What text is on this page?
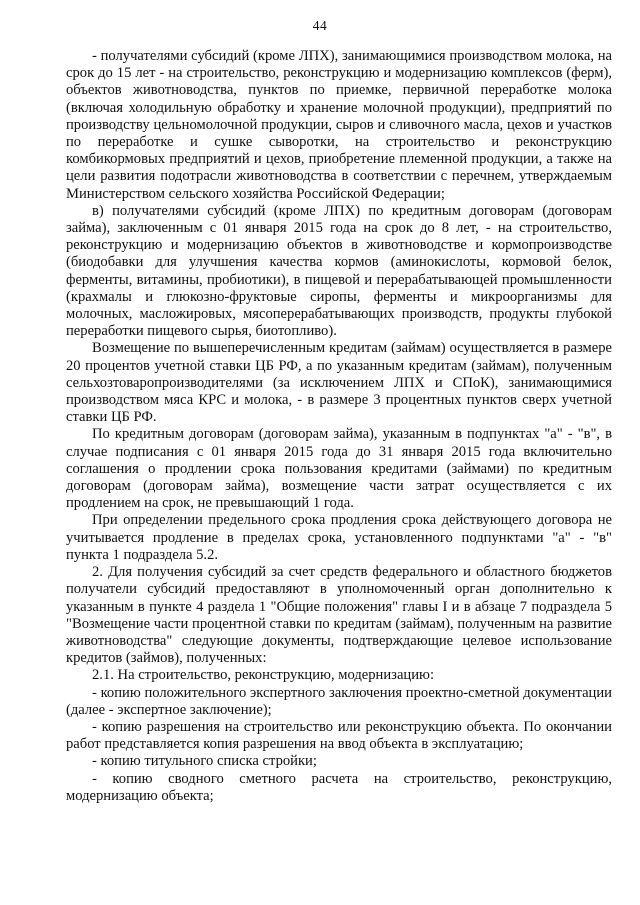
44

- получателями субсидий (кроме ЛПХ), занимающимися производством молока, на срок до 15 лет - на строительство, реконструкцию и модернизацию комплексов (ферм), объектов животноводства, пунктов по приемке, первичной переработке молока (включая холодильную обработку и хранение молочной продукции), предприятий по производству цельномолочной продукции, сыров и сливочного масла, цехов и участков по переработке и сушке сыворотки, на строительство и реконструкцию комбикормовых предприятий и цехов, приобретение племенной продукции, а также на цели развития подотрасли животноводства в соответствии с перечнем, утверждаемым Министерством сельского хозяйства Российской Федерации;

в) получателями субсидий (кроме ЛПХ) по кредитным договорам (договорам займа), заключенным с 01 января 2015 года на срок до 8 лет, - на строительство, реконструкцию и модернизацию объектов в животноводстве и кормопроизводстве (биодобавки для улучшения качества кормов (аминокислоты, кормовой белок, ферменты, витамины, пробиотики), в пищевой и перерабатывающей промышленности (крахмалы и глюкозно-фруктовые сиропы, ферменты и микроорганизмы для молочных, масложировых, мясоперерабатывающих производств, продукты глубокой переработки пищевого сырья, биотопливо).

Возмещение по вышеперечисленным кредитам (займам) осуществляется в размере 20 процентов учетной ставки ЦБ РФ, а по указанным кредитам (займам), полученным сельхозтоваропроизводителями (за исключением ЛПХ и СПоК), занимающимися производством мяса КРС и молока, - в размере 3 процентных пунктов сверх учетной ставки ЦБ РФ.

По кредитным договорам (договорам займа), указанным в подпунктах "а" - "в", в случае подписания с 01 января 2015 года до 31 января 2015 года включительно соглашения о продлении срока пользования кредитами (займами) по кредитным договорам (договорам займа), возмещение части затрат осуществляется с их продлением на срок, не превышающий 1 года.

При определении предельного срока продления срока действующего договора не учитывается продление в пределах срока, установленного подпунктами "а" - "в" пункта 1 подраздела 5.2.

2. Для получения субсидий за счет средств федерального и областного бюджетов получатели субсидий предоставляют в уполномоченный орган дополнительно к указанным в пункте 4 раздела 1 "Общие положения" главы I и в абзаце 7 подраздела 5 "Возмещение части процентной ставки по кредитам (займам), полученным на развитие животноводства" следующие документы, подтверждающие целевое использование кредитов (займов), полученных:

2.1. На строительство, реконструкцию, модернизацию:

- копию положительного экспертного заключения проектно-сметной документации (далее - экспертное заключение);

- копию разрешения на строительство или реконструкцию объекта. По окончании работ представляется копия разрешения на ввод объекта в эксплуатацию;

- копию титульного списка стройки;

- копию сводного сметного расчета на строительство, реконструкцию, модернизацию объекта;
